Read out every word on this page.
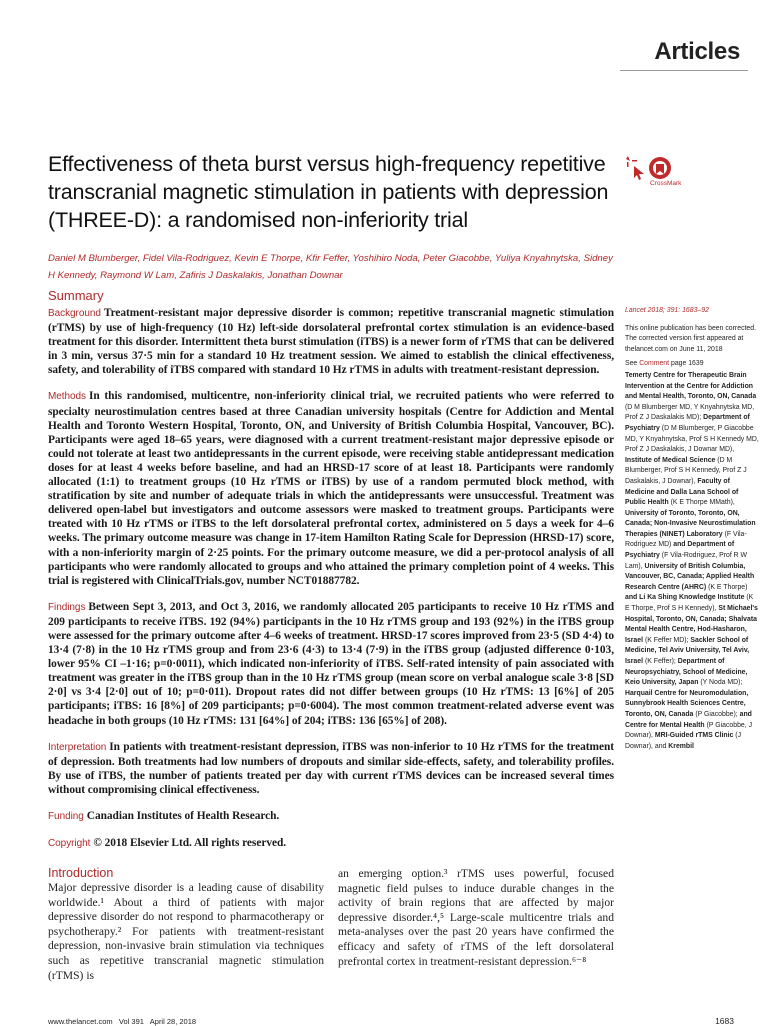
Articles
Effectiveness of theta burst versus high-frequency repetitive transcranial magnetic stimulation in patients with depression (THREE-D): a randomised non-inferiority trial
CrossMark
Daniel M Blumberger, Fidel Vila-Rodriguez, Kevin E Thorpe, Kfir Feffer, Yoshihiro Noda, Peter Giacobbe, Yuliya Knyahnytska, Sidney H Kennedy, Raymond W Lam, Zafiris J Daskalakis, Jonathan Downar
Summary

Background Treatment-resistant major depressive disorder is common; repetitive transcranial magnetic stimulation (rTMS) by use of high-frequency (10 Hz) left-side dorsolateral prefrontal cortex stimulation is an evidence-based treatment for this disorder. Intermittent theta burst stimulation (iTBS) is a newer form of rTMS that can be delivered in 3 min, versus 37·5 min for a standard 10 Hz treatment session. We aimed to establish the clinical effectiveness, safety, and tolerability of iTBS compared with standard 10 Hz rTMS in adults with treatment-resistant depression.

Methods In this randomised, multicentre, non-inferiority clinical trial, we recruited patients who were referred to specialty neurostimulation centres based at three Canadian university hospitals (Centre for Addiction and Mental Health and Toronto Western Hospital, Toronto, ON, and University of British Columbia Hospital, Vancouver, BC). Participants were aged 18–65 years, were diagnosed with a current treatment-resistant major depressive episode or could not tolerate at least two antidepressants in the current episode, were receiving stable antidepressant medication doses for at least 4 weeks before baseline, and had an HRSD-17 score of at least 18. Participants were randomly allocated (1:1) to treatment groups (10 Hz rTMS or iTBS) by use of a random permuted block method, with stratification by site and number of adequate trials in which the antidepressants were unsuccessful. Treatment was delivered open-label but investigators and outcome assessors were masked to treatment groups. Participants were treated with 10 Hz rTMS or iTBS to the left dorsolateral prefrontal cortex, administered on 5 days a week for 4–6 weeks. The primary outcome measure was change in 17-item Hamilton Rating Scale for Depression (HRSD-17) score, with a non-inferiority margin of 2·25 points. For the primary outcome measure, we did a per-protocol analysis of all participants who were randomly allocated to groups and who attained the primary completion point of 4 weeks. This trial is registered with ClinicalTrials.gov, number NCT01887782.

Findings Between Sept 3, 2013, and Oct 3, 2016, we randomly allocated 205 participants to receive 10 Hz rTMS and 209 participants to receive iTBS. 192 (94%) participants in the 10 Hz rTMS group and 193 (92%) in the iTBS group were assessed for the primary outcome after 4–6 weeks of treatment. HRSD-17 scores improved from 23·5 (SD 4·4) to 13·4 (7·8) in the 10 Hz rTMS group and from 23·6 (4·3) to 13·4 (7·9) in the iTBS group (adjusted difference 0·103, lower 95% CI –1·16; p=0·0011), which indicated non-inferiority of iTBS. Self-rated intensity of pain associated with treatment was greater in the iTBS group than in the 10 Hz rTMS group (mean score on verbal analogue scale 3·8 [SD 2·0] vs 3·4 [2·0] out of 10; p=0·011). Dropout rates did not differ between groups (10 Hz rTMS: 13 [6%] of 205 participants; iTBS: 16 [8%] of 209 participants; p=0·6004). The most common treatment-related adverse event was headache in both groups (10 Hz rTMS: 131 [64%] of 204; iTBS: 136 [65%] of 208).

Interpretation In patients with treatment-resistant depression, iTBS was non-inferior to 10 Hz rTMS for the treatment of depression. Both treatments had low numbers of dropouts and similar side-effects, safety, and tolerability profiles. By use of iTBS, the number of patients treated per day with current rTMS devices can be increased several times without compromising clinical effectiveness.

Funding Canadian Institutes of Health Research.

Copyright © 2018 Elsevier Ltd. All rights reserved.

Lancet 2018; 391: 1683–92

This online publication has been corrected. The corrected version first appeared at thelancet.com on June 11, 2018

See Comment page 1639

Temerty Centre for Therapeutic Brain Intervention at the Centre for Addiction and Mental Health, Toronto, ON, Canada (D M Blumberger MD, Y Knyahnytska MD, Prof Z J Daskalakis MD); Department of Psychiatry (D M Blumberger, P Giacobbe MD, Y Knyahnytska, Prof S H Kennedy MD, Prof Z J Daskalakis, J Downar MD), Institute of Medical Science (D M Blumberger, Prof S H Kennedy, Prof Z J Daskalakis, J Downar), Faculty of Medicine and Dalla Lana School of Public Health (K E Thorpe MMath), University of Toronto, Toronto, ON, Canada; Non-Invasive Neurostimulation Therapies (NINET) Laboratory (F Vila-Rodriguez MD) and Department of Psychiatry (F Vila-Rodriguez, Prof R W Lam), University of British Columbia, Vancouver, BC, Canada; Applied Health Research Centre (AHRC) (K E Thorpe) and Li Ka Shing Knowledge Institute (K E Thorpe, Prof S H Kennedy), St Michael's Hospital, Toronto, ON, Canada; Shalvata Mental Health Centre, Hod-Hasharon, Israel (K Feffer MD); Sackler School of Medicine, Tel Aviv University, Tel Aviv, Israel (K Feffer); Department of Neuropsychiatry, School of Medicine, Keio University, Japan (Y Noda MD); Harquail Centre for Neuromodulation, Sunnybrook Health Sciences Centre, Toronto, ON, Canada (P Giacobbe); and Centre for Mental Health (P Giacobbe, J Downar), MRI-Guided rTMS Clinic (J Downar), and Krembil

Introduction
Major depressive disorder is a leading cause of disability worldwide.¹ About a third of patients with major depressive disorder do not respond to pharmacotherapy or psychotherapy.² For patients with treatment-resistant depression, non-invasive brain stimulation via techniques such as repetitive transcranial magnetic stimulation (rTMS) is
an emerging option.³ rTMS uses powerful, focused magnetic field pulses to induce durable changes in the activity of brain regions that are affected by major depressive disorder.⁴,⁵ Large-scale multicentre trials and meta-analyses over the past 20 years have confirmed the efficacy and safety of rTMS of the left dorsolateral prefrontal cortex in treatment-resistant depression.⁶⁻⁸
www.thelancet.com Vol 391 April 28, 2018	1683
